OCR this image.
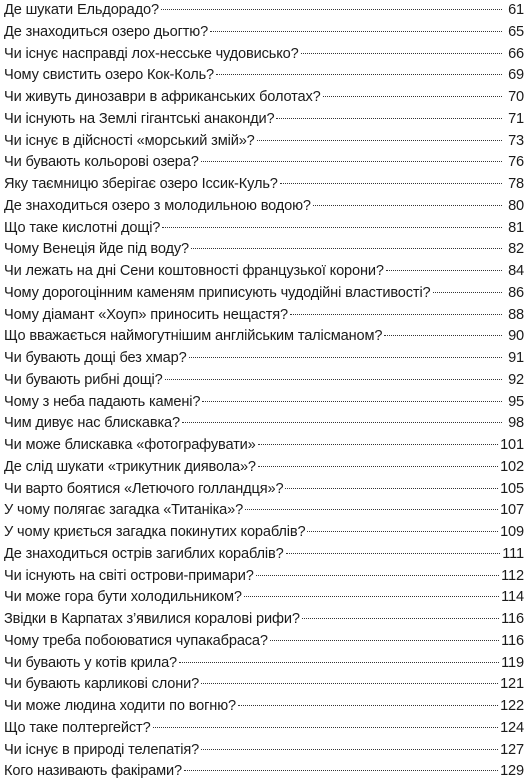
Де шукати Ельдорадо?	61
Де знаходиться озеро дьогтю?	65
Чи існує насправді лох-несське чудовисько?	66
Чому свистить озеро Кок-Коль?	69
Чи живуть динозаври в африканських болотах?	70
Чи існують на Землі гігантські анаконди?	71
Чи існує в дійсності «морський змій»?	73
Чи бувають кольорові озера?	76
Яку таємницю зберігає озеро Іссик-Куль?	78
Де знаходиться озеро з молодильною водою?	80
Що таке кислотні дощі?	81
Чому Венеція йде під воду?	82
Чи лежать на дні Сени коштовності французької корони?	84
Чому дорогоцінним каменям приписують чудодійні властивості?	86
Чому діамант «Хоуп» приносить нещастя?	88
Що вважається наймогутнішим англійським талісманом?	90
Чи бувають дощі без хмар?	91
Чи бувають рибні дощі?	92
Чому з неба падають камені?	95
Чим дивує нас блискавка?	98
Чи може блискавка «фотографувати»	101
Де слід шукати «трикутник диявола»?	102
Чи варто боятися «Летючого голландця»?	105
У чому полягає загадка «Титаніка»?	107
У чому криється загадка покинутих кораблів?	109
Де знаходиться острів загиблих кораблів?	111
Чи існують на світі острови-примари?	112
Чи може гора бути холодильником?	114
Звідки в Карпатах з’явилися коралові рифи?	116
Чому треба побоюватися чупакабраса?	116
Чи бувають у котів крила?	119
Чи бувають карликові слони?	121
Чи може людина ходити по вогню?	122
Що таке полтергейст?	124
Чи існує в природі телепатія?	127
Кого називають факірами?	129
